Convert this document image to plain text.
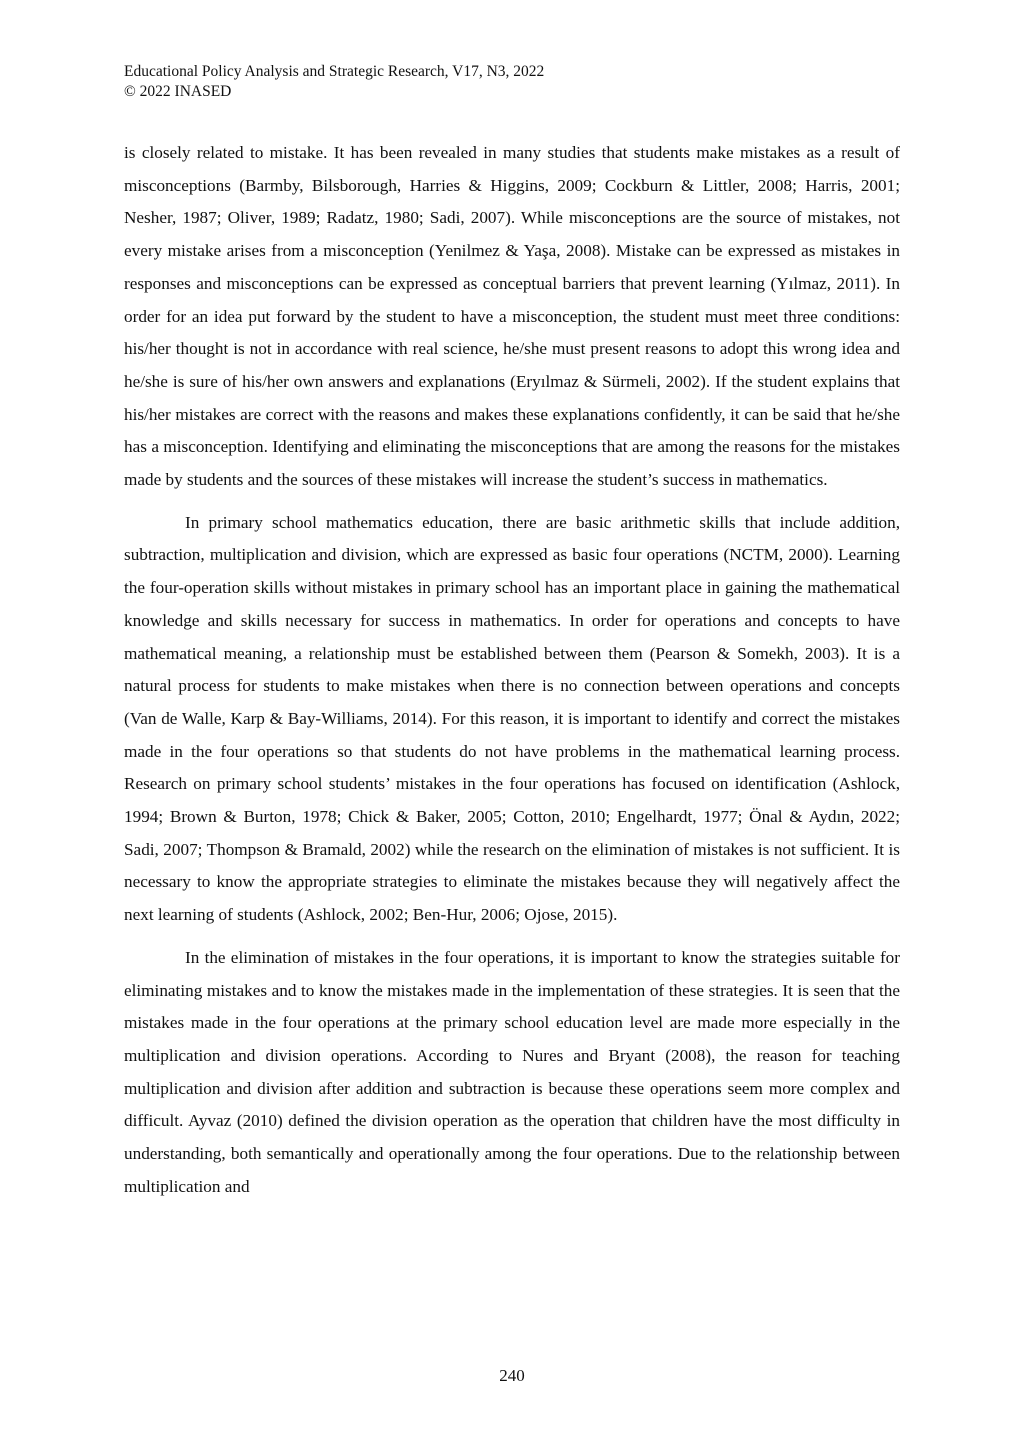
Educational Policy Analysis and Strategic Research, V17, N3, 2022
© 2022 INASED

is closely related to mistake. It has been revealed in many studies that students make mistakes as a result of misconceptions (Barmby, Bilsborough, Harries & Higgins, 2009; Cockburn & Littler, 2008; Harris, 2001; Nesher, 1987; Oliver, 1989; Radatz, 1980; Sadi, 2007). While misconceptions are the source of mistakes, not every mistake arises from a misconception (Yenilmez & Yaşa, 2008). Mistake can be expressed as mistakes in responses and misconceptions can be expressed as conceptual barriers that prevent learning (Yılmaz, 2011). In order for an idea put forward by the student to have a misconception, the student must meet three conditions: his/her thought is not in accordance with real science, he/she must present reasons to adopt this wrong idea and he/she is sure of his/her own answers and explanations (Eryılmaz & Sürmeli, 2002). If the student explains that his/her mistakes are correct with the reasons and makes these explanations confidently, it can be said that he/she has a misconception. Identifying and eliminating the misconceptions that are among the reasons for the mistakes made by students and the sources of these mistakes will increase the student’s success in mathematics.

In primary school mathematics education, there are basic arithmetic skills that include addition, subtraction, multiplication and division, which are expressed as basic four operations (NCTM, 2000). Learning the four-operation skills without mistakes in primary school has an important place in gaining the mathematical knowledge and skills necessary for success in mathematics. In order for operations and concepts to have mathematical meaning, a relationship must be established between them (Pearson & Somekh, 2003). It is a natural process for students to make mistakes when there is no connection between operations and concepts (Van de Walle, Karp & Bay-Williams, 2014). For this reason, it is important to identify and correct the mistakes made in the four operations so that students do not have problems in the mathematical learning process. Research on primary school students’ mistakes in the four operations has focused on identification (Ashlock, 1994; Brown & Burton, 1978; Chick & Baker, 2005; Cotton, 2010; Engelhardt, 1977; Önal & Aydın, 2022; Sadi, 2007; Thompson & Bramald, 2002) while the research on the elimination of mistakes is not sufficient. It is necessary to know the appropriate strategies to eliminate the mistakes because they will negatively affect the next learning of students (Ashlock, 2002; Ben-Hur, 2006; Ojose, 2015).

In the elimination of mistakes in the four operations, it is important to know the strategies suitable for eliminating mistakes and to know the mistakes made in the implementation of these strategies. It is seen that the mistakes made in the four operations at the primary school education level are made more especially in the multiplication and division operations. According to Nures and Bryant (2008), the reason for teaching multiplication and division after addition and subtraction is because these operations seem more complex and difficult. Ayvaz (2010) defined the division operation as the operation that children have the most difficulty in understanding, both semantically and operationally among the four operations. Due to the relationship between multiplication and

240
